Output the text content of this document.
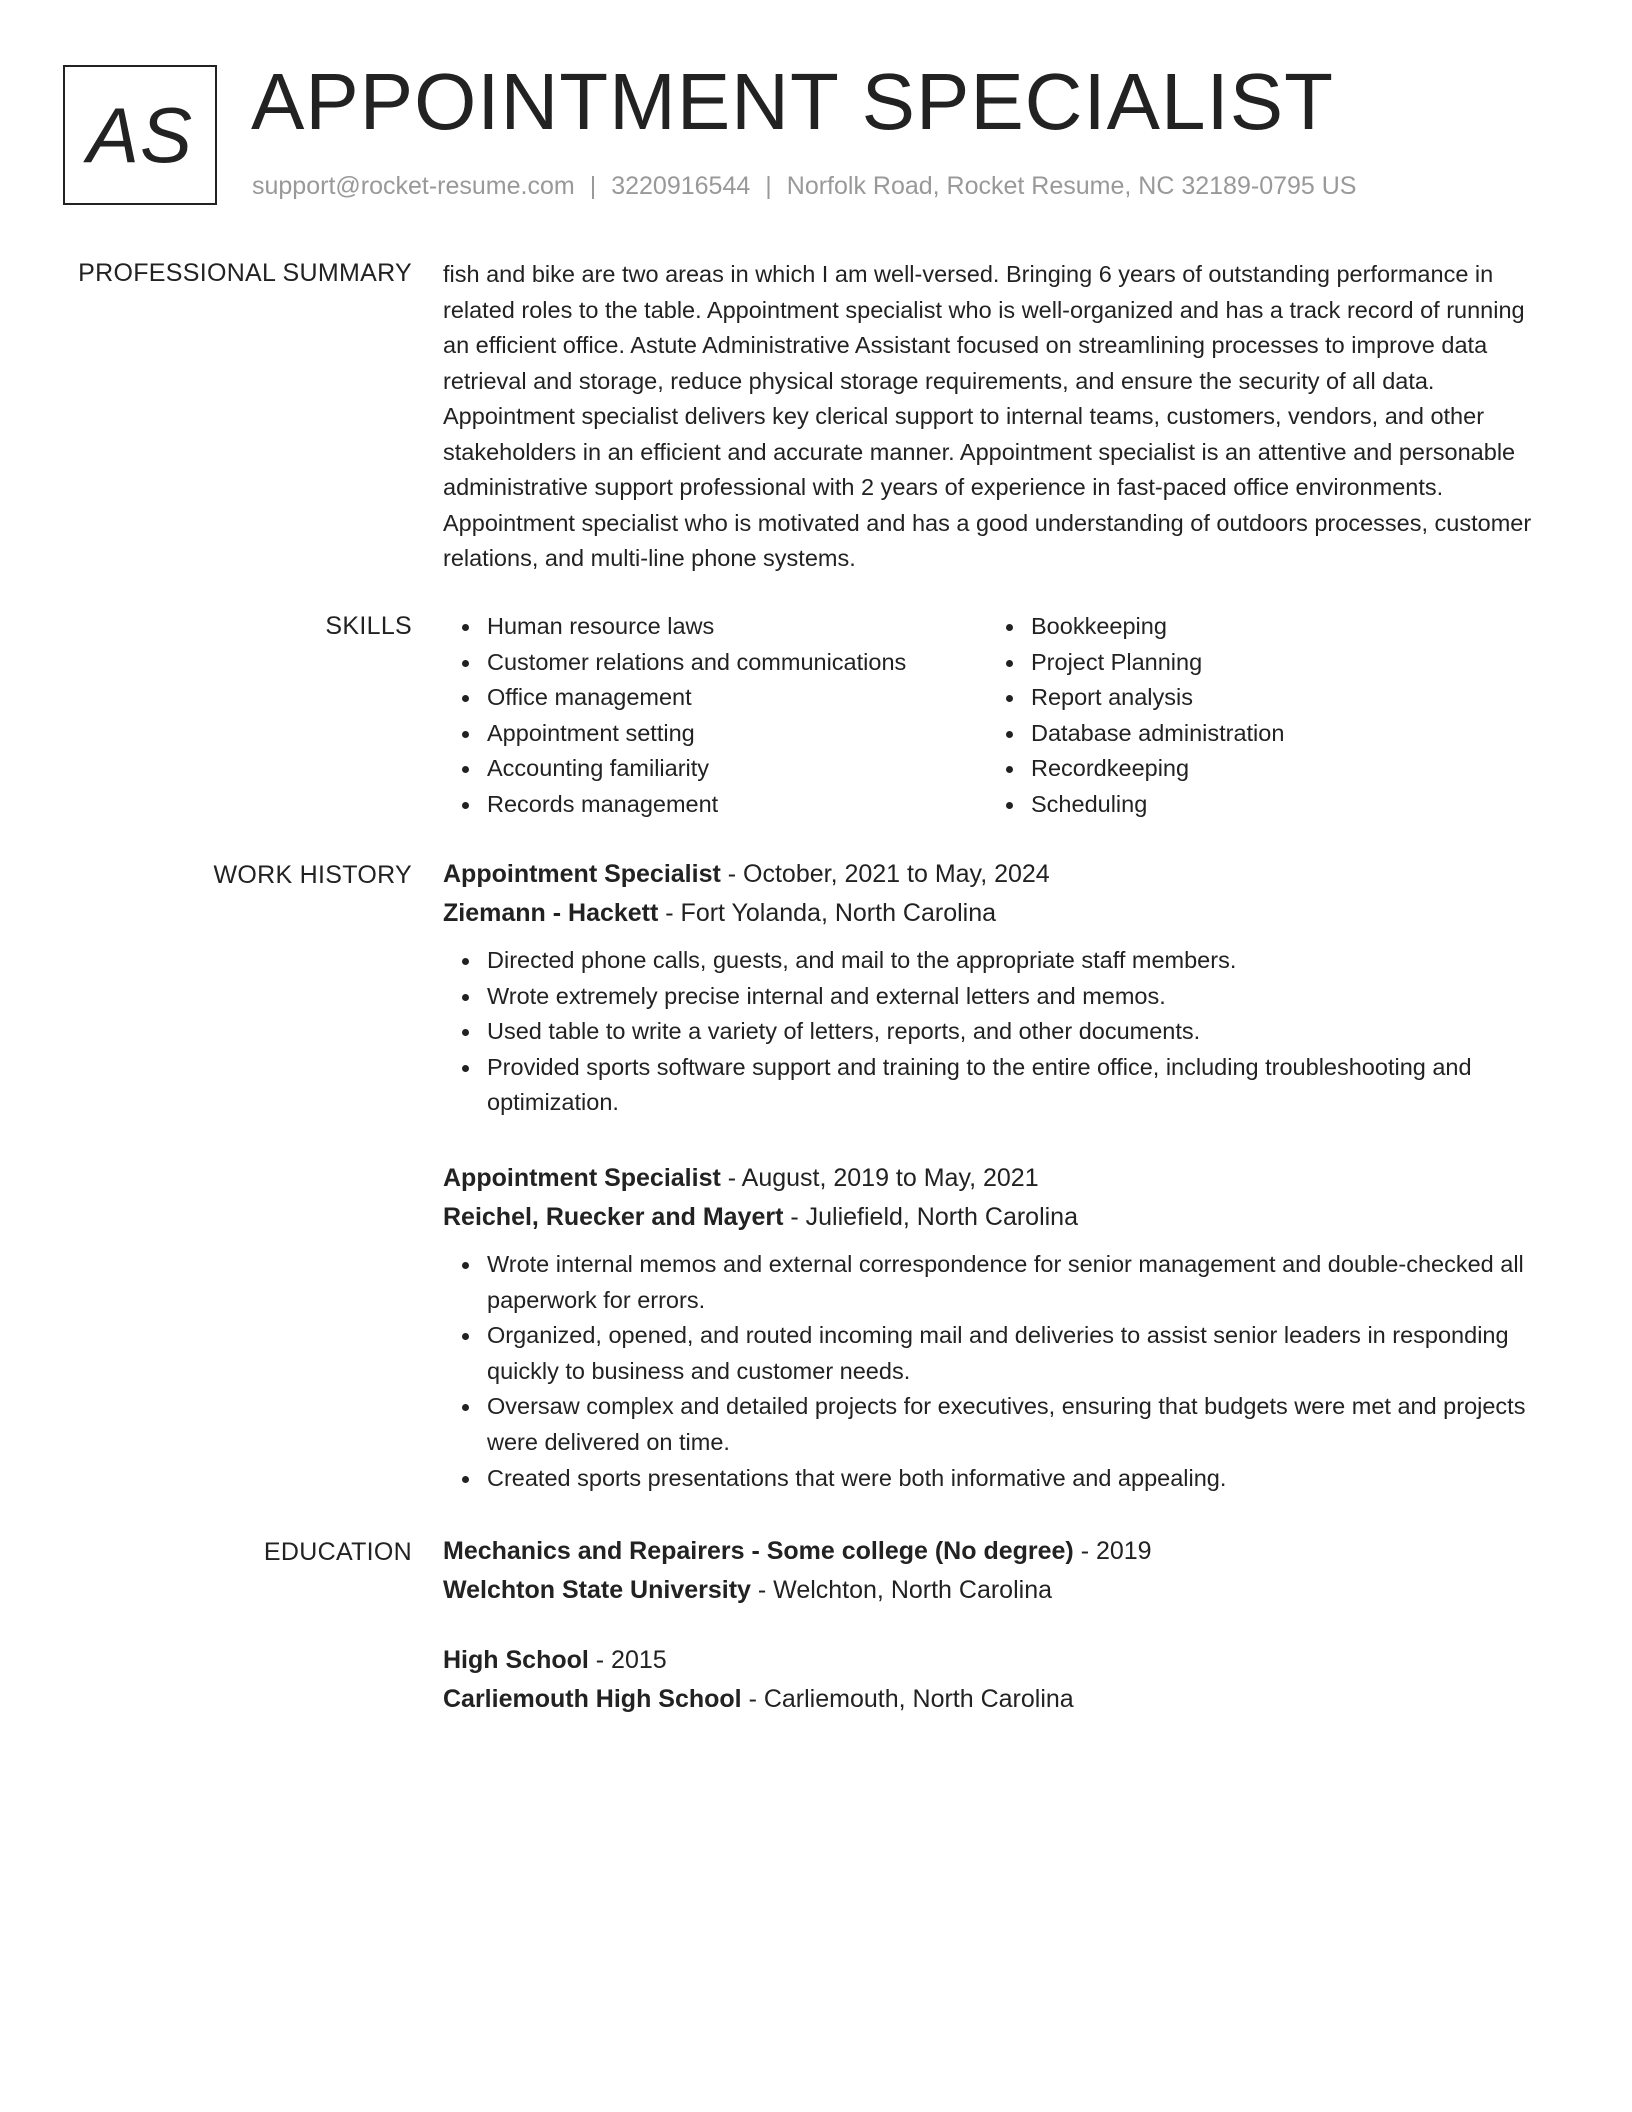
AS APPOINTMENT SPECIALIST
support@rocket-resume.com | 3220916544 | Norfolk Road, Rocket Resume, NC 32189-0795 US
PROFESSIONAL SUMMARY fish and bike are two areas in which I am well-versed. Bringing 6 years of outstanding performance in related roles to the table. Appointment specialist who is well-organized and has a track record of running an efficient office. Astute Administrative Assistant focused on streamlining processes to improve data retrieval and storage, reduce physical storage requirements, and ensure the security of all data. Appointment specialist delivers key clerical support to internal teams, customers, vendors, and other stakeholders in an efficient and accurate manner. Appointment specialist is an attentive and personable administrative support professional with 2 years of experience in fast-paced office environments. Appointment specialist who is motivated and has a good understanding of outdoors processes, customer relations, and multi-line phone systems.

SKILLS	Human resource laws
Customer relations and communications
Office management
Appointment setting
Accounting familiarity
Records management
Bookkeeping
Project Planning
Report analysis
Database administration
Recordkeeping
Scheduling
WORK HISTORY Appointment Specialist - October, 2021 to May, 2024
Ziemann - Hackett - Fort Yolanda, North Carolina
Directed phone calls, guests, and mail to the appropriate staff members.
Wrote extremely precise internal and external letters and memos.
Used table to write a variety of letters, reports, and other documents.
Provided sports software support and training to the entire office, including troubleshooting and optimization.
Appointment Specialist - August, 2019 to May, 2021
Reichel, Ruecker and Mayert - Juliefield, North Carolina
Wrote internal memos and external correspondence for senior management and double-checked all paperwork for errors.
Organized, opened, and routed incoming mail and deliveries to assist senior leaders in responding quickly to business and customer needs.
Oversaw complex and detailed projects for executives, ensuring that budgets were met and projects were delivered on time.
Created sports presentations that were both informative and appealing.
EDUCATION Mechanics and Repairers - Some college (No degree) - 2019
Welchton State University - Welchton, North Carolina
High School - 2015
Carliemouth High School - Carliemouth, North Carolina
